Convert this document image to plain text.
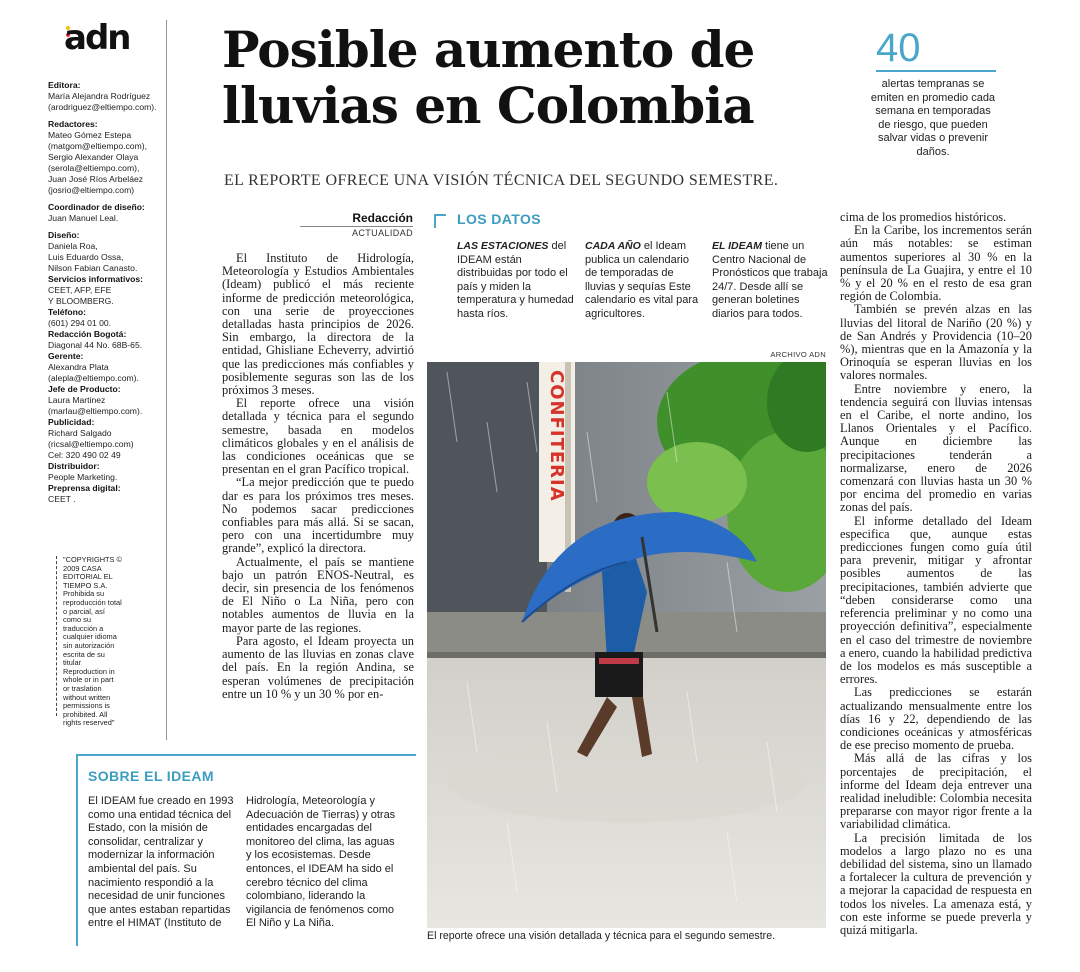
adn
Editora:
María Alejandra Rodríguez
(arodriguez@eltiempo.com).
Redactores:
Mateo Gómez Estepa
(matgom@eltiempo.com),
Sergio Alexander Olaya
(serola@eltiempo.com),
Juan José Ríos Arbeláez
(josrio@eltiempo.com)
Coordinador de diseño:
Juan Manuel Leal.
Diseño:
Daniela Roa,
Luis Eduardo Ossa,
Nilson Fabian Canasto.
Servicios informativos:
CEET, AFP, EFE
Y BLOOMBERG.
Teléfono:
(601) 294 01 00.
Redacción Bogotá:
Diagonal 44 No. 68B-65.
Gerente:
Alexandra Plata
(alepla@eltiempo.com).
Jefe de Producto:
Laura Martinez
(marlau@eltiempo.com).
Publicidad:
Richard Salgado
(ricsal@eltiempo.com)
Cel: 320 490 02 49
Distribuidor:
People Marketing.
Preprensa digital:
CEET .
"COPYRIGHTS © 2009 CASA EDITORIAL EL TIEMPO S.A. Prohibida su reproducción total o parcial, así como su traducción a cualquier idioma sin autorización escrita de su titular Reproduction in whole or in part or traslation without written permissions is prohibited. All rights reserved"
Posible aumento de lluvias en Colombia
EL REPORTE OFRECE UNA VISIÓN TÉCNICA DEL SEGUNDO SEMESTRE.
40
alertas tempranas se emiten en promedio cada semana en temporadas de riesgo, que pueden salvar vidas o prevenir daños.
Redacción
ACTUALIDAD

El Instituto de Hidrología, Meteorología y Estudios Ambientales (Ideam) publicó el más reciente informe de predicción meteorológica, con una serie de proyecciones detalladas hasta principios de 2026. Sin embargo, la directora de la entidad, Ghisliane Echeverry, advirtió que las predicciones más confiables y posiblemente seguras son las de los próximos 3 meses.

El reporte ofrece una visión detallada y técnica para el segundo semestre, basada en modelos climáticos globales y en el análisis de las condiciones oceánicas que se presentan en el gran Pacífico tropical.

“La mejor predicción que te puedo dar es para los próximos tres meses. No podemos sacar predicciones confiables para más allá. Si se sacan, pero con una incertidumbre muy grande”, explicó la directora.

Actualmente, el país se mantiene bajo un patrón ENOS-Neutral, es decir, sin presencia de los fenómenos de El Niño o La Niña, pero con notables aumentos de lluvia en la mayor parte de las regiones.

Para agosto, el Ideam proyecta un aumento de las lluvias en zonas clave del país. En la región Andina, se esperan volúmenes de precipitación entre un 10 % y un 30 % por en-

LOS DATOS
LAS ESTACIONES del IDEAM están distribuidas por todo el país y miden la temperatura y humedad hasta ríos.
CADA AÑO el Ideam publica un calendario de temporadas de lluvias y sequías Este calendario es vital para agricultores.
EL IDEAM tiene un Centro Nacional de Pronósticos que trabaja 24/7. Desde allí se generan boletines diarios para todos.
ARCHIVO ADN
CONFITERIA
El reporte ofrece una visión detallada y técnica para el segundo semestre.

cima de los promedios históricos.

En la Caribe, los incrementos serán aún más notables: se estiman aumentos superiores al 30 % en la península de La Guajira, y entre el 10 % y el 20 % en el resto de esa gran región de Colombia.

También se prevén alzas en las lluvias del litoral de Nariño (20 %) y de San Andrés y Providencia (10–20 %), mientras que en la Amazonía y la Orinoquía se esperan lluvias en los valores normales.

Entre noviembre y enero, la tendencia seguirá con lluvias intensas en el Caribe, el norte andino, los Llanos Orientales y el Pacífico. Aunque en diciembre las precipitaciones tenderán a normalizarse, enero de 2026 comenzará con lluvias hasta un 30 % por encima del promedio en varias zonas del país.

El informe detallado del Ideam especifica que, aunque estas predicciones fungen como guía útil para prevenir, mitigar y afrontar posibles aumentos de las precipitaciones, también advierte que “deben considerarse como una referencia preliminar y no como una proyección definitiva”, especialmente en el caso del trimestre de noviembre a enero, cuando la habilidad predictiva de los modelos es más susceptible a errores.

Las predicciones se estarán actualizando mensualmente entre los días 16 y 22, dependiendo de las condiciones oceánicas y atmosféricas de ese preciso momento de prueba.

Más allá de las cifras y los porcentajes de precipitación, el informe del Ideam deja entrever una realidad ineludible: Colombia necesita prepararse con mayor rigor frente a la variabilidad climática.

La precisión limitada de los modelos a largo plazo no es una debilidad del sistema, sino un llamado a fortalecer la cultura de prevención y a mejorar la capacidad de respuesta en todos los niveles. La amenaza está, y con este informe se puede preverla y quizá mitigarla.

SOBRE EL IDEAM
El IDEAM fue creado en 1993 como una entidad técnica del Estado, con la misión de consolidar, centralizar y modernizar la información ambiental del país. Su nacimiento respondió a la necesidad de unir funciones que antes estaban repartidas entre el HIMAT (Instituto de
Hidrología, Meteorología y Adecuación de Tierras) y otras entidades encargadas del monitoreo del clima, las aguas y los ecosistemas. Desde entonces, el IDEAM ha sido el cerebro técnico del clima colombiano, liderando la vigilancia de fenómenos como El Niño y La Niña.
